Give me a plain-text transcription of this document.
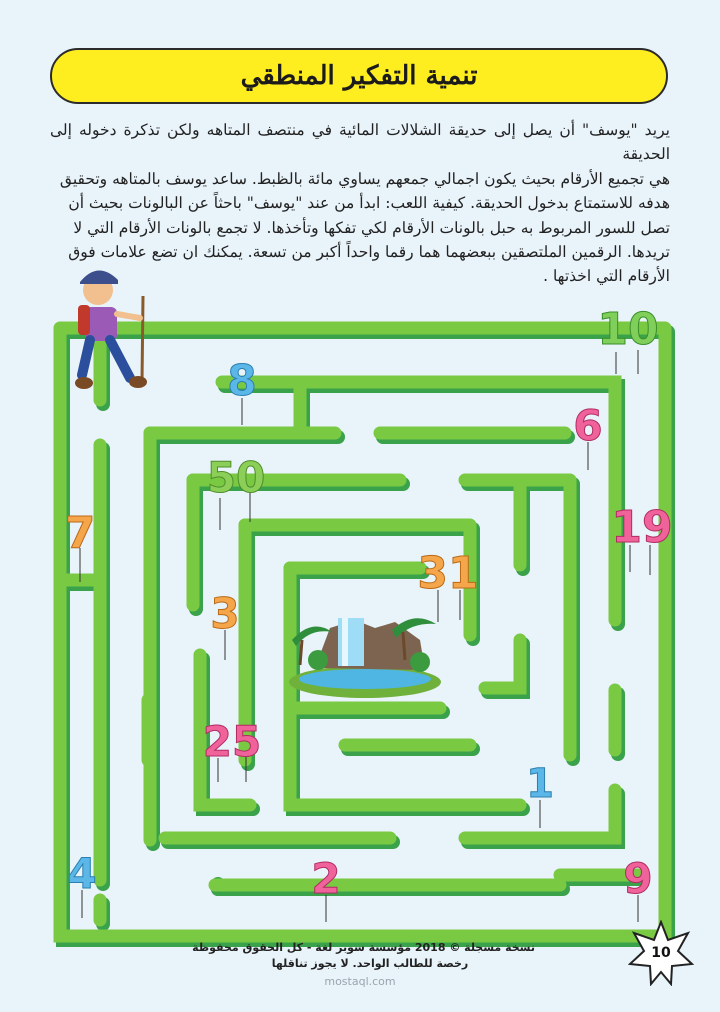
تنمية التفكير المنطقي

يريد "يوسف" أن يصل إلى حديقة الشلالات المائية في منتصف المتاهه ولكن تذكرة دخوله إلى الحديقة

هي تجميع الأرقام بحيث يكون اجمالي جمعهم يساوي مائة بالظبط. ساعد يوسف بالمتاهه وتحقيق

هدفه للاستمتاع بدخول الحديقة. كيفية اللعب: ابدأ من عند "يوسف" باحثاً عن البالونات بحيث أن

تصل للسور المربوط به حبل بالونات الأرقام لكي تفكها وتأخذها. لا تجمع بالونات الأرقام التي لا

تريدها. الرقمين الملتصقين ببعضهما هما رقما واحداً أكبر من تسعة. يمكنك ان تضع علامات فوق

الأرقام التي اخذتها .

10
8
6
50
19
7
31
3
25
1
4	2	9
نسخة مسجلة © 2018 مؤسسة سوبر لغة - كل الحقوق محفوظة
رخصة للطالب الواحد. لا يجوز تناقلها
mostaql.com
10
